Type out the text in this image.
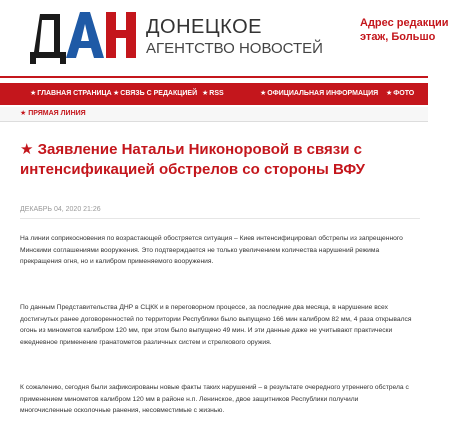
ДОНЕЦКОЕ
АГЕНТСТВО НОВОСТЕЙ
Адрес редакции
этаж, Большо
★ГЛАВНАЯ СТРАНИЦА ★СВЯЗЬ С РЕДАКЦИЕЙ ★RSS	★ОФИЦИАЛЬНАЯ ИНФОРМАЦИЯ ★ФОТО
★ ПРЯМАЯ ЛИНИЯ
★ Заявление Натальи Никоноровой в связи с интенсификацией обстрелов со стороны ВФУ
ДЕКАБРЬ 04, 2020 21:26
На линии соприкосновения по возрастающей обостряется ситуация – Киев интенсифицировал обстрелы из запрещенного Минскими соглашениями вооружения. Это подтверждается не только увеличением количества нарушений режима прекращения огня, но и калибром применяемого вооружения.
По данным Представительства ДНР в СЦКК и в переговорном процессе, за последние два месяца, в нарушение всех достигнутых ранее договоренностей по территории Республики было выпущено 166 мин калибром 82 мм, 4 раза открывался огонь из минометов калибром 120 мм, при этом было выпущено 49 мин. И эти данные даже не учитывают практически ежедневное применение гранатометов различных систем и стрелкового оружия.
К сожалению, сегодня были зафиксированы новые факты таких нарушений – в результате очередного утреннего обстрела с применением минометов калибром 120 мм в районе н.п. Ленинское, двое защитников Республики получили многочисленные осколочные ранения, несовместимые с жизнью.
